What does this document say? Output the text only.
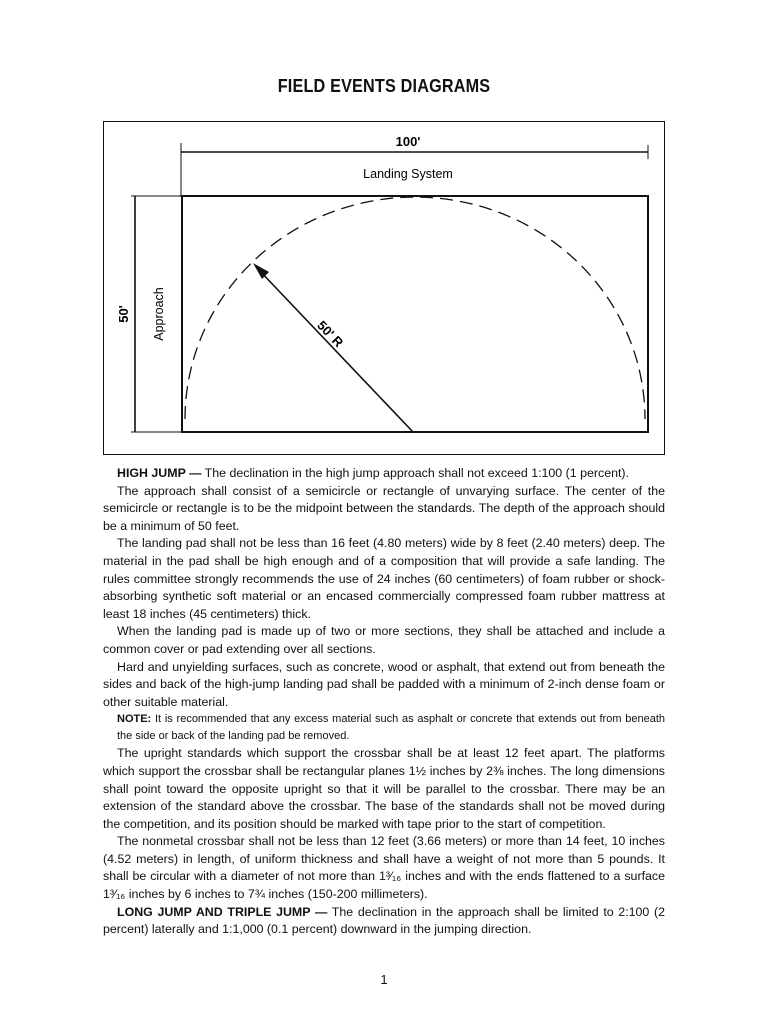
FIELD EVENTS DIAGRAMS
100'
Landing System
50' Approach	50' R

HIGH JUMP — The declination in the high jump approach shall not exceed 1:100 (1 percent).

The approach shall consist of a semicircle or rectangle of unvarying surface. The center of the semicircle or rectangle is to be the midpoint between the standards. The depth of the approach should be a minimum of 50 feet.

The landing pad shall not be less than 16 feet (4.80 meters) wide by 8 feet (2.40 meters) deep. The material in the pad shall be high enough and of a composition that will provide a safe landing. The rules committee strongly recommends the use of 24 inches (60 centimeters) of foam rubber or shock-absorbing synthetic soft material or an encased commercially compressed foam rubber mattress at least 18 inches (45 centimeters) thick.

When the landing pad is made up of two or more sections, they shall be attached and include a common cover or pad extending over all sections.

Hard and unyielding surfaces, such as concrete, wood or asphalt, that extend out from beneath the sides and back of the high-jump landing pad shall be padded with a minimum of 2-inch dense foam or other suitable material.

NOTE: It is recommended that any excess material such as asphalt or concrete that extends out from beneath the side or back of the landing pad be removed.

The upright standards which support the crossbar shall be at least 12 feet apart. The platforms which support the crossbar shall be rectangular planes 1½ inches by 2⅜ inches. The long dimensions shall point toward the opposite upright so that it will be parallel to the crossbar. There may be an extension of the standard above the crossbar. The base of the standards shall not be moved during the competition, and its position should be marked with tape prior to the start of competition.

The nonmetal crossbar shall not be less than 12 feet (3.66 meters) or more than 14 feet, 10 inches (4.52 meters) in length, of uniform thickness and shall have a weight of not more than 5 pounds. It shall be circular with a diameter of not more than 1³⁄₁₆ inches and with the ends flattened to a surface 1³⁄₁₆ inches by 6 inches to 7¾ inches (150-200 millimeters).

LONG JUMP AND TRIPLE JUMP — The declination in the approach shall be limited to 2:100 (2 percent) laterally and 1:1,000 (0.1 percent) downward in the jumping direction.

1
